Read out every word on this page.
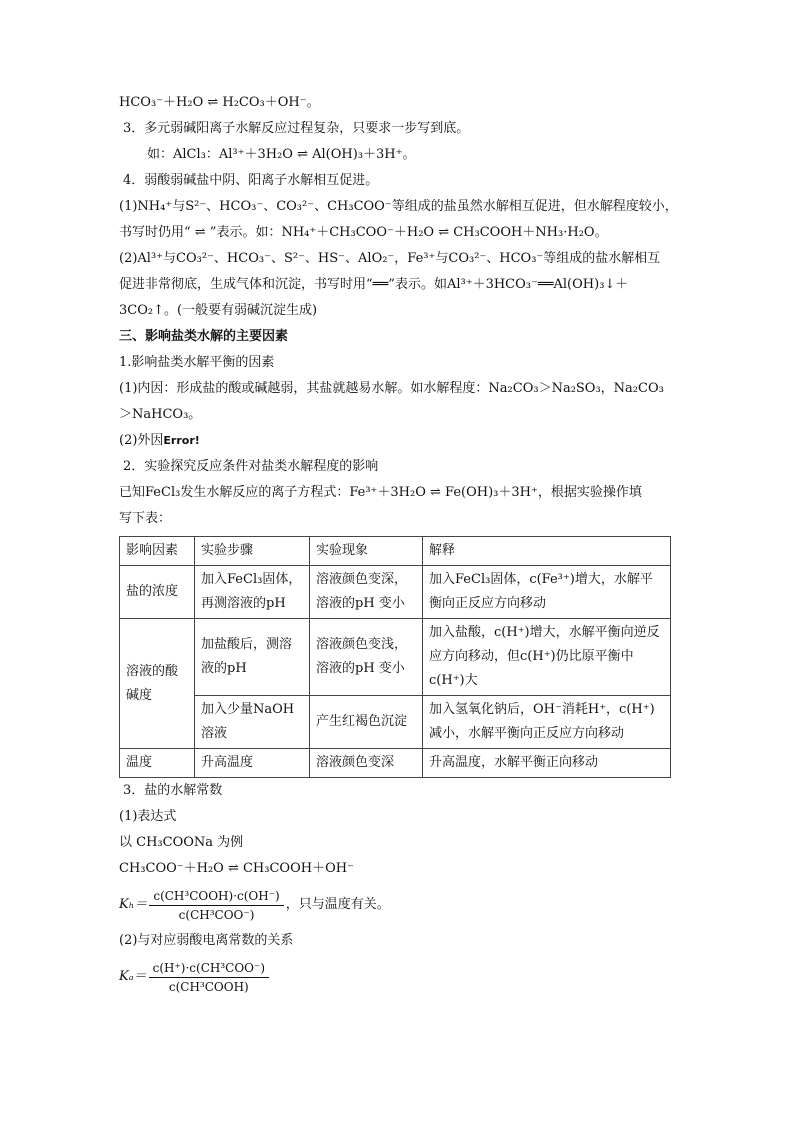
HCO₃⁻＋H₂O ⇌ H₂CO₃＋OH⁻。
3．多元弱碱阳离子水解反应过程复杂，只要求一步写到底。
如：AlCl₃：Al³⁺＋3H₂O ⇌ Al(OH)₃＋3H⁺。
4．弱酸弱碱盐中阴、阳离子水解相互促进。
(1)NH₄⁺与S²⁻、HCO₃⁻、CO₃²⁻、CH₃COO⁻等组成的盐虽然水解相互促进，但水解程度较小，
书写时仍用“ ⇌ ”表示。如：NH₄⁺＋CH₃COO⁻＋H₂O ⇌ CH₃COOH＋NH₃·H₂O。
(2)Al³⁺与CO₃²⁻、HCO₃⁻、S²⁻、HS⁻、AlO₂⁻，Fe³⁺与CO₃²⁻、HCO₃⁻等组成的盐水解相互
促进非常彻底，生成气体和沉淀，书写时用“══”表示。如Al³⁺＋3HCO₃⁻══Al(OH)₃↓＋
3CO₂↑。(一般要有弱碱沉淀生成)
三、影响盐类水解的主要因素
1.影响盐类水解平衡的因素
(1)内因：形成盐的酸或碱越弱，其盐就越易水解。如水解程度：Na₂CO₃＞Na₂SO₃，Na₂CO₃
＞NaHCO₃。
(2)外因Error!
2．实验探究反应条件对盐类水解程度的影响
已知FeCl₃发生水解反应的离子方程式：Fe³⁺＋3H₂O ⇌ Fe(OH)₃＋3H⁺，根据实验操作填
写下表：
影响因素	实验步骤	实验现象	解释
盐的浓度	加入FeCl₃固体，再测溶液的pH	溶液颜色变深，溶液的pH 变小	加入FeCl₃固体，c(Fe³⁺)增大，水解平衡向正反应方向移动
溶液的酸碱度	加盐酸后，测溶液的pH	溶液颜色变浅，溶液的pH 变小	加入盐酸，c(H⁺)增大，水解平衡向逆反应方向移动，但c(H⁺)仍比原平衡中c(H⁺)大
	加入少量NaOH溶液	产生红褐色沉淀	加入氢氧化钠后，OH⁻消耗H⁺，c(H⁺)减小，水解平衡向正反应方向移动
温度	升高温度	溶液颜色变深	升高温度，水解平衡正向移动
3．盐的水解常数
(1)表达式
以 CH₃COONa 为例
CH₃COO⁻＋H₂O ⇌ CH₃COOH＋OH⁻
$K_h= \frac{\text{c(CH³COOH)·c(OH⁻)}}{\text{c(CH³COO⁻)}}$ ，只与温度有关。
(2)与对应弱酸电离常数的关系
$K_a= \frac{\text{c(H⁺)·c(CH³COO⁻)}}{\text{c(CH³COOH)}}$
